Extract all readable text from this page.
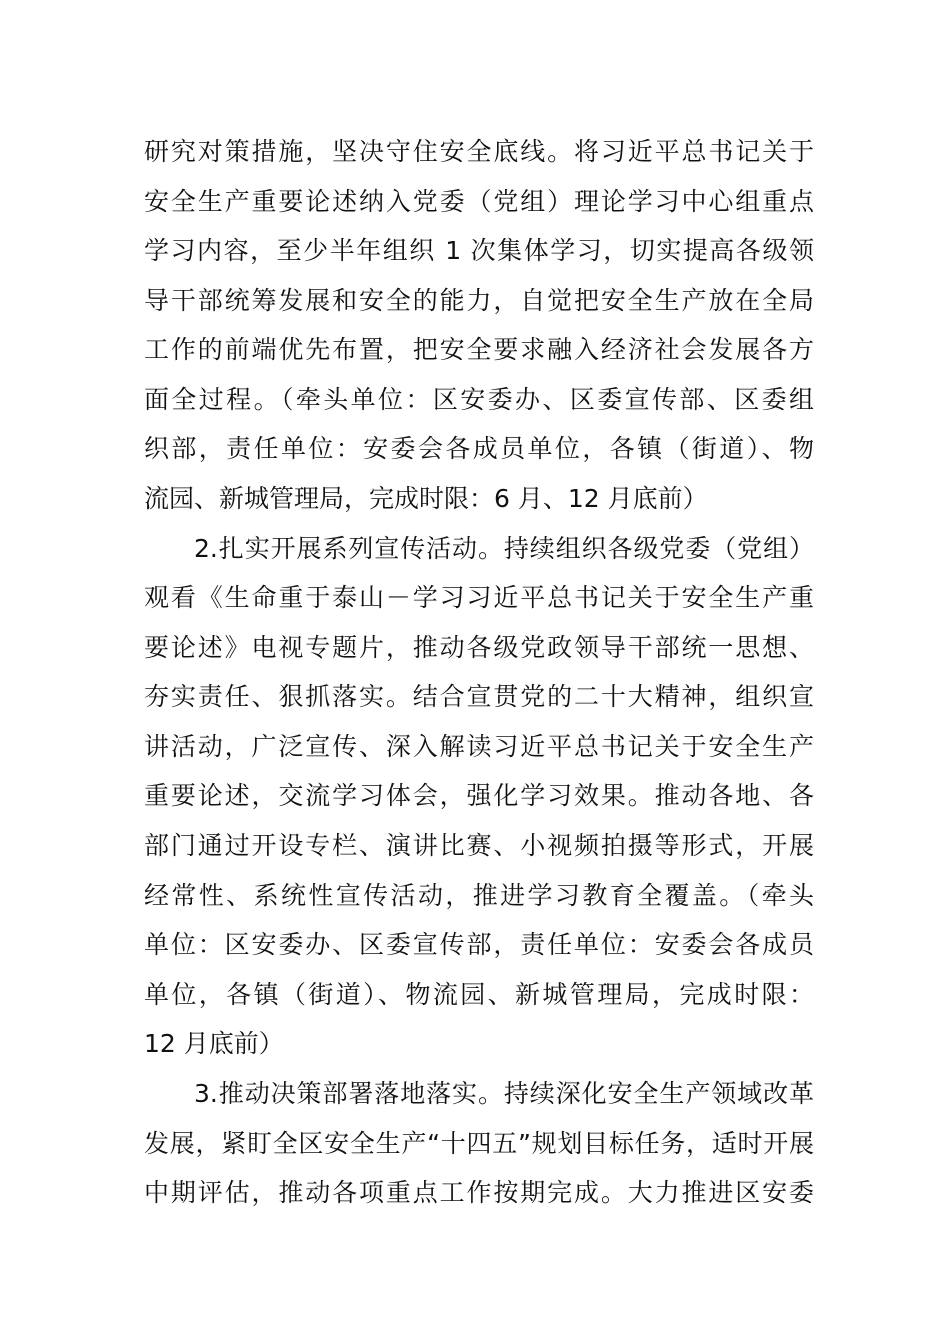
研究对策措施，坚决守住安全底线。将习近平总书记关于
安全生产重要论述纳入党委（党组）理论学习中心组重点
学习内容，至少半年组织 1 次集体学习，切实提高各级领
导干部统筹发展和安全的能力，自觉把安全生产放在全局
工作的前端优先布置，把安全要求融入经济社会发展各方
面全过程。（牵头单位：区安委办、区委宣传部、区委组
织部，责任单位：安委会各成员单位，各镇（街道）、物
流园、新城管理局，完成时限：6 月、12 月底前）
2.扎实开展系列宣传活动。持续组织各级党委（党组）
观看《生命重于泰山－学习习近平总书记关于安全生产重
要论述》电视专题片，推动各级党政领导干部统一思想、
夯实责任、狠抓落实。结合宣贯党的二十大精神，组织宣
讲活动，广泛宣传、深入解读习近平总书记关于安全生产
重要论述，交流学习体会，强化学习效果。推动各地、各
部门通过开设专栏、演讲比赛、小视频拍摄等形式，开展
经常性、系统性宣传活动，推进学习教育全覆盖。（牵头
单位：区安委办、区委宣传部，责任单位：安委会各成员
单位，各镇（街道）、物流园、新城管理局，完成时限：
12 月底前）
3.推动决策部署落地落实。持续深化安全生产领域改革
发展，紧盯全区安全生产“十四五”规划目标任务，适时开展
中期评估，推动各项重点工作按期完成。大力推进区安委
